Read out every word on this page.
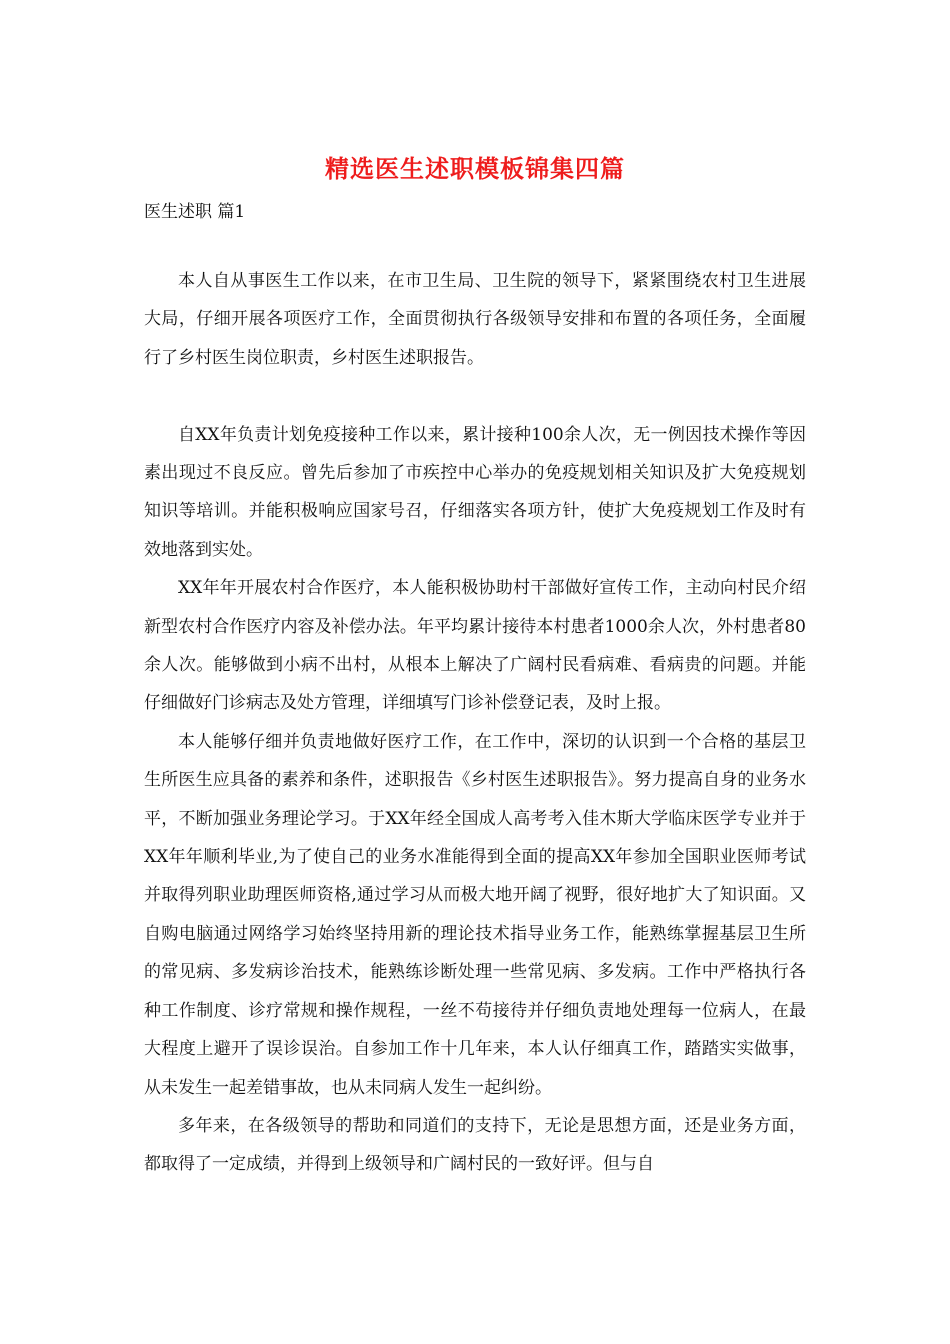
精选医生述职模板锦集四篇
医生述职 篇1

本人自从事医生工作以来，在市卫生局、卫生院的领导下，紧紧围绕农村卫生进展大局，仔细开展各项医疗工作，全面贯彻执行各级领导安排和布置的各项任务，全面履行了乡村医生岗位职责，乡村医生述职报告。

自XX年负责计划免疫接种工作以来，累计接种100余人次，无一例因技术操作等因素出现过不良反应。曾先后参加了市疾控中心举办的免疫规划相关知识及扩大免疫规划知识等培训。并能积极响应国家号召，仔细落实各项方针，使扩大免疫规划工作及时有效地落到实处。

XX年年开展农村合作医疗，本人能积极协助村干部做好宣传工作，主动向村民介绍新型农村合作医疗内容及补偿办法。年平均累计接待本村患者1000余人次，外村患者80余人次。能够做到小病不出村，从根本上解决了广阔村民看病难、看病贵的问题。并能仔细做好门诊病志及处方管理，详细填写门诊补偿登记表，及时上报。

本人能够仔细并负责地做好医疗工作，在工作中，深切的认识到一个合格的基层卫生所医生应具备的素养和条件，述职报告《乡村医生述职报告》。努力提高自身的业务水平，不断加强业务理论学习。于XX年经全国成人高考考入佳木斯大学临床医学专业并于XX年年顺利毕业,为了使自己的业务水准能得到全面的提高XX年参加全国职业医师考试并取得列职业助理医师资格,通过学习从而极大地开阔了视野，很好地扩大了知识面。又自购电脑通过网络学习始终坚持用新的理论技术指导业务工作，能熟练掌握基层卫生所的常见病、多发病诊治技术，能熟练诊断处理一些常见病、多发病。工作中严格执行各种工作制度、诊疗常规和操作规程，一丝不苟接待并仔细负责地处理每一位病人，在最大程度上避开了误诊误治。自参加工作十几年来，本人认仔细真工作，踏踏实实做事，从未发生一起差错事故，也从未同病人发生一起纠纷。

多年来，在各级领导的帮助和同道们的支持下，无论是思想方面，还是业务方面，都取得了一定成绩，并得到上级领导和广阔村民的一致好评。但与自
